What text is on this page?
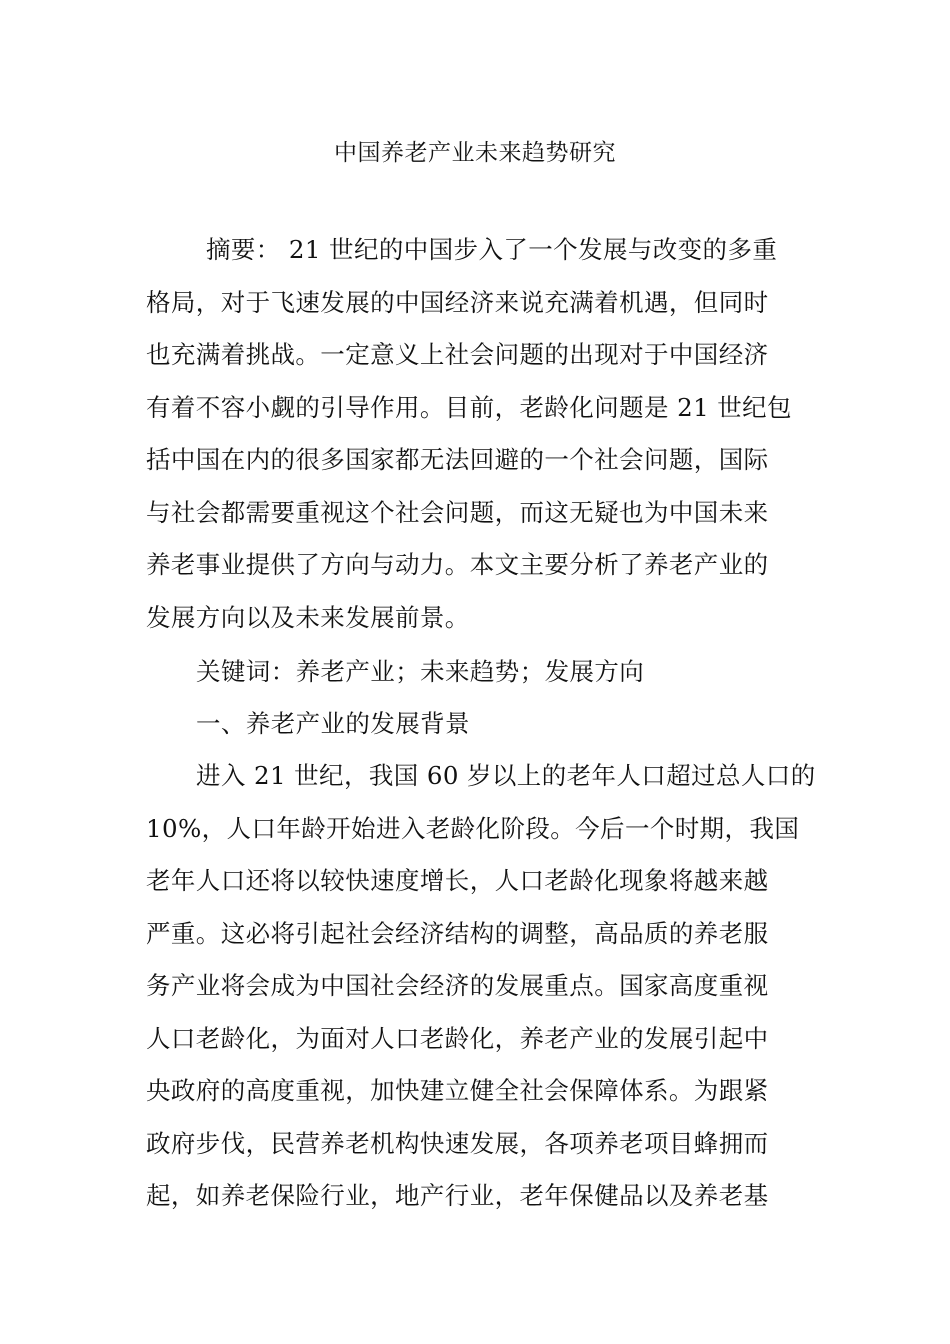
中国养老产业未来趋势研究
摘要： 21 世纪的中国步入了一个发展与改变的多重
格局，对于飞速发展的中国经济来说充满着机遇，但同时
也充满着挑战。一定意义上社会问题的出现对于中国经济
有着不容小觑的引导作用。目前，老龄化问题是 21 世纪包
括中国在内的很多国家都无法回避的一个社会问题，国际
与社会都需要重视这个社会问题，而这无疑也为中国未来
养老事业提供了方向与动力。本文主要分析了养老产业的
发展方向以及未来发展前景。
关键词：养老产业；未来趋势；发展方向
一、养老产业的发展背景
进入 21 世纪，我国 60 岁以上的老年人口超过总人口的
10%，人口年龄开始进入老龄化阶段。今后一个时期，我国
老年人口还将以较快速度增长，人口老龄化现象将越来越
严重。这必将引起社会经济结构的调整，高品质的养老服
务产业将会成为中国社会经济的发展重点。国家高度重视
人口老龄化，为面对人口老龄化，养老产业的发展引起中
央政府的高度重视，加快建立健全社会保障体系。为跟紧
政府步伐，民营养老机构快速发展，各项养老项目蜂拥而
起，如养老保险行业，地产行业，老年保健品以及养老基
